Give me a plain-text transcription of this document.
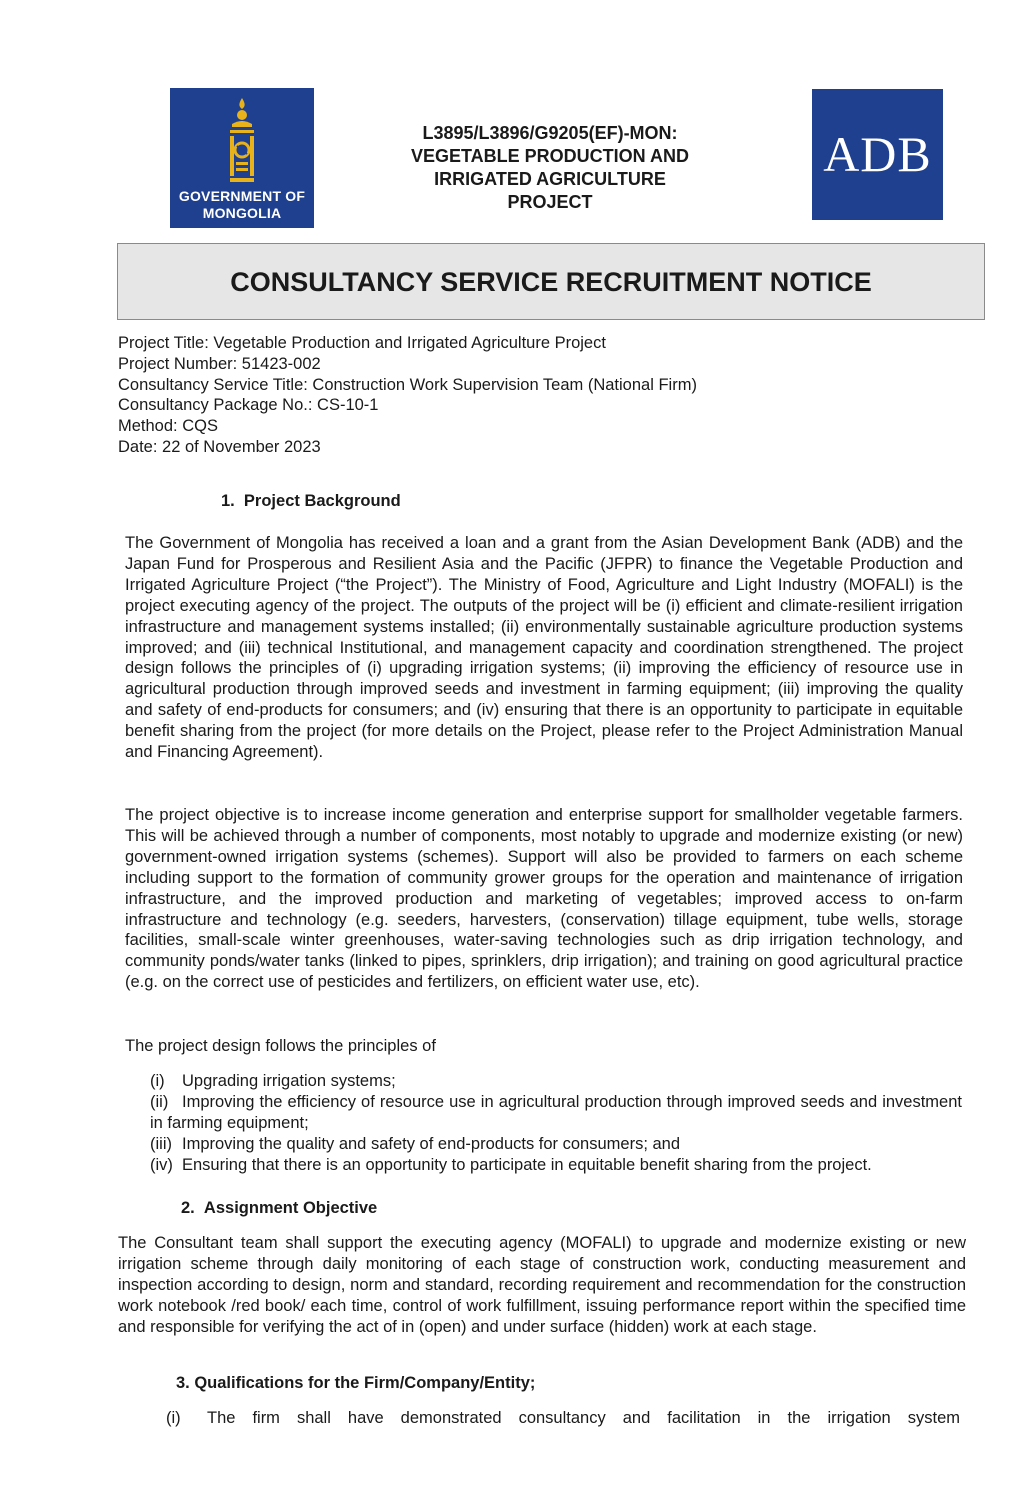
GOVERNMENT OF
MONGOLIA
L3895/L3896/G9205(EF)-MON:
VEGETABLE PRODUCTION AND
IRRIGATED AGRICULTURE
PROJECT
ADB
CONSULTANCY SERVICE RECRUITMENT NOTICE
Project Title: Vegetable Production and Irrigated Agriculture Project
Project Number: 51423-002
Consultancy Service Title: Construction Work Supervision Team (National Firm)
Consultancy Package No.: CS-10-1
Method: CQS
Date: 22 of November 2023
1.  Project Background

The Government of Mongolia has received a loan and a grant from the Asian Development Bank (ADB) and the Japan Fund for Prosperous and Resilient Asia and the Pacific (JFPR) to finance the Vegetable Production and Irrigated Agriculture Project (“the Project”). The Ministry of Food, Agriculture and Light Industry (MOFALI) is the project executing agency of the project. The outputs of the project will be (i) efficient and climate-resilient irrigation infrastructure and management systems installed; (ii) environmentally sustainable agriculture production systems improved; and (iii) technical Institutional, and management capacity and coordination strengthened. The project design follows the principles of (i) upgrading irrigation systems; (ii) improving the efficiency of resource use in agricultural production through improved seeds and investment in farming equipment; (iii) improving the quality and safety of end-products for consumers; and (iv) ensuring that there is an opportunity to participate in equitable benefit sharing from the project (for more details on the Project, please refer to the Project Administration Manual and Financing Agreement).

The project objective is to increase income generation and enterprise support for smallholder vegetable farmers. This will be achieved through a number of components, most notably to upgrade and modernize existing (or new) government-owned irrigation systems (schemes). Support will also be provided to farmers on each scheme including support to the formation of community grower groups for the operation and maintenance of irrigation infrastructure, and the improved production and marketing of vegetables; improved access to on-farm infrastructure and technology (e.g. seeders, harvesters, (conservation) tillage equipment, tube wells, storage facilities, small-scale winter greenhouses, water-saving technologies such as drip irrigation technology, and community ponds/water tanks (linked to pipes, sprinklers, drip irrigation); and training on good agricultural practice (e.g. on the correct use of pesticides and fertilizers, on efficient water use, etc).

The project design follows the principles of

(i)	Upgrading irrigation systems;
(ii) Improving the efficiency of resource use in agricultural production through improved seeds and investment in farming equipment;
(iii) Improving the quality and safety of end-products for consumers; and
(iv) Ensuring that there is an opportunity to participate in equitable benefit sharing from the project.
2.  Assignment Objective

The Consultant team shall support the executing agency (MOFALI) to upgrade and modernize existing or new irrigation scheme through daily monitoring of each stage of construction work, conducting measurement and inspection according to design, norm and standard, recording requirement and recommendation for the construction work notebook /red book/ each time, control of work fulfillment, issuing performance report within the specified time and responsible for verifying the act of in (open) and under surface (hidden) work at each stage.

3. Qualifications for the Firm/Company/Entity;
(i)	The firm shall have demonstrated consultancy and facilitation in the irrigation system
